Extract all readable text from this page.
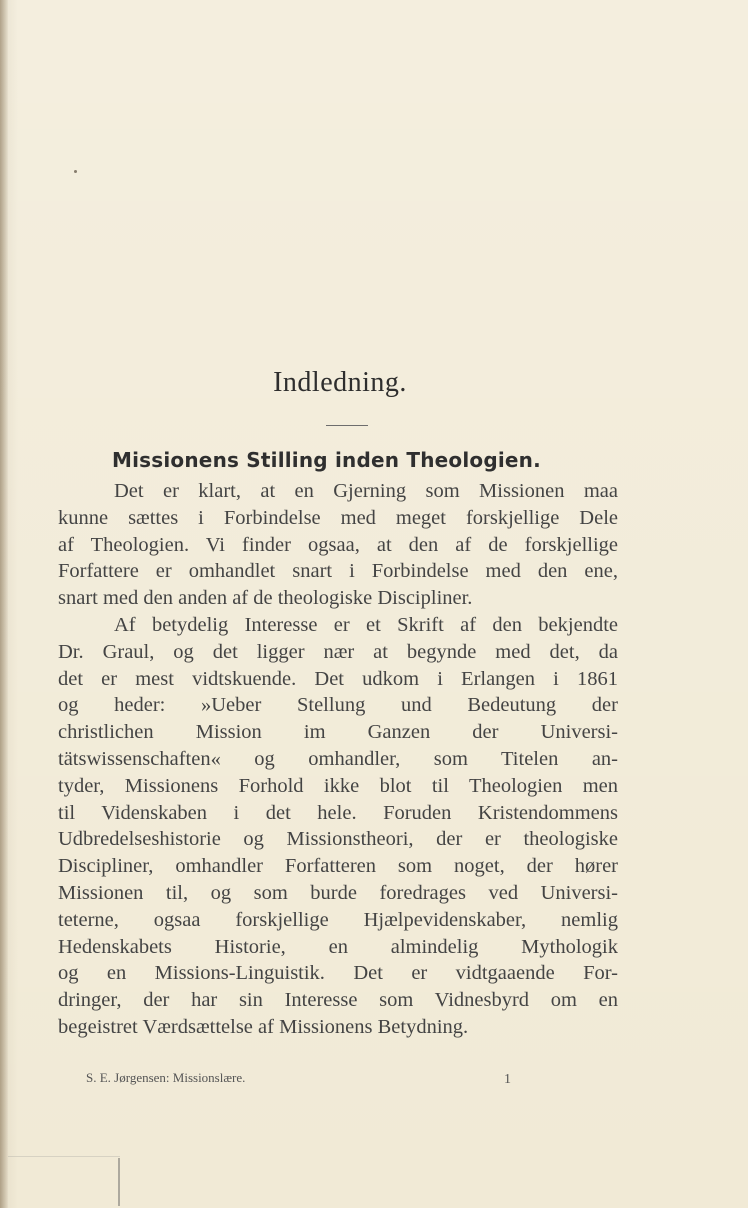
Indledning.
Missionens Stilling inden Theologien.
Det er klart, at en Gjerning som Missionen maa
kunne sættes i Forbindelse med meget forskjellige Dele
af Theologien. Vi finder ogsaa, at den af de forskjellige
Forfattere er omhandlet snart i Forbindelse med den ene,
snart med den anden af de theologiske Discipliner.
Af betydelig Interesse er et Skrift af den bekjendte
Dr. Graul, og det ligger nær at begynde med det, da
det er mest vidtskuende. Det udkom i Erlangen i 1861
og heder: »Ueber Stellung und Bedeutung der
christlichen Mission im Ganzen der Universi-
tätswissenschaften« og omhandler, som Titelen an-
tyder, Missionens Forhold ikke blot til Theologien men
til Videnskaben i det hele. Foruden Kristendommens
Udbredelseshistorie og Missionstheori, der er theologiske
Discipliner, omhandler Forfatteren som noget, der hører
Missionen til, og som burde foredrages ved Universi-
teterne, ogsaa forskjellige Hjælpevidenskaber, nemlig
Hedenskabets Historie, en almindelig Mythologik
og en Missions-Linguistik. Det er vidtgaaende For-
dringer, der har sin Interesse som Vidnesbyrd om en
begeistret Værdsættelse af Missionens Betydning.
S. E. Jørgensen: Missionslære.	1
